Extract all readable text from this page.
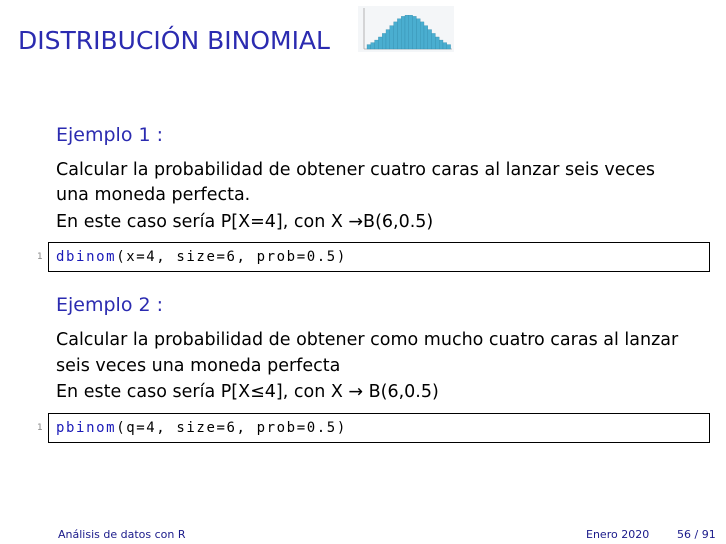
DISTRIBUCIÓN BINOMIAL
Ejemplo 1 :
Calcular la probabilidad de obtener cuatro caras al lanzar seis veces
una moneda perfecta.
En este caso sería P[X=4], con X →B(6,0.5)
1 dbinom(x=4, size=6, prob=0.5)
Ejemplo 2 :
Calcular la probabilidad de obtener como mucho cuatro caras al lanzar
seis veces una moneda perfecta
En este caso sería P[X≤4], con X → B(6,0.5)
1 pbinom(q=4, size=6, prob=0.5)
Análisis de datos con R	Enero 2020	56 / 91
